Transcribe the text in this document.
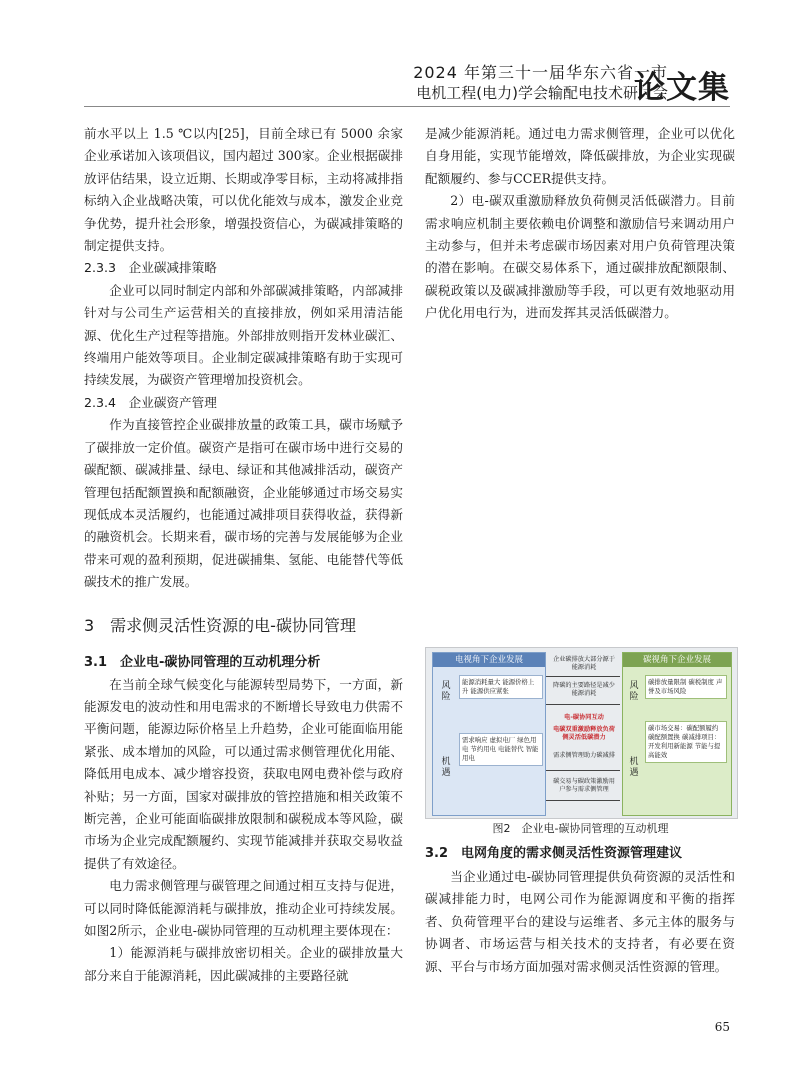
2024 年第三十一届华东六省一市
电机工程(电力)学会输配电技术研讨会
论文集

前水平以上 1.5 ℃以内[25]，目前全球已有 5000 余家企业承诺加入该项倡议，国内超过 300家。企业根据碳排放评估结果，设立近期、长期或净零目标，主动将减排指标纳入企业战略决策，可以优化能效与成本，激发企业竞争优势，提升社会形象，增强投资信心，为碳减排策略的制定提供支持。

2.3.3　企业碳减排策略

企业可以同时制定内部和外部碳减排策略，内部减排针对与公司生产运营相关的直接排放，例如采用清洁能源、优化生产过程等措施。外部排放则指开发林业碳汇、终端用户能效等项目。企业制定碳减排策略有助于实现可持续发展，为碳资产管理增加投资机会。

2.3.4　企业碳资产管理

作为直接管控企业碳排放量的政策工具，碳市场赋予了碳排放一定价值。碳资产是指可在碳市场中进行交易的碳配额、碳减排量、绿电、绿证和其他减排活动，碳资产管理包括配额置换和配额融资，企业能够通过市场交易实现低成本灵活履约，也能通过减排项目获得收益，获得新的融资机会。长期来看，碳市场的完善与发展能够为企业带来可观的盈利预期，促进碳捕集、氢能、电能替代等低碳技术的推广发展。

3　需求侧灵活性资源的电-碳协同管理

3.1　企业电-碳协同管理的互动机理分析

在当前全球气候变化与能源转型局势下，一方面，新能源发电的波动性和用电需求的不断增长导致电力供需不平衡问题，能源边际价格呈上升趋势，企业可能面临用能紧张、成本增加的风险，可以通过需求侧管理优化用能、降低用电成本、减少增容投资，获取电网电费补偿与政府补贴；另一方面，国家对碳排放的管控措施和相关政策不断完善，企业可能面临碳排放限制和碳税成本等风险，碳市场为企业完成配额履约、实现节能减排并获取交易收益提供了有效途径。

电力需求侧管理与碳管理之间通过相互支持与促进，可以同时降低能源消耗与碳排放，推动企业可持续发展。如图2所示，企业电-碳协同管理的互动机理主要体现在：

1）能源消耗与碳排放密切相关。企业的碳排放量大部分来自于能源消耗，因此碳减排的主要路径就

是减少能源消耗。通过电力需求侧管理，企业可以优化自身用能，实现节能增效，降低碳排放，为企业实现碳配额履约、参与CCER提供支持。

2）电-碳双重激励释放负荷侧灵活低碳潜力。目前需求响应机制主要依赖电价调整和激励信号来调动用户主动参与，但并未考虑碳市场因素对用户负荷管理决策的潜在影响。在碳交易体系下，通过碳排放配额限制、碳税政策以及碳减排激励等手段，可以更有效地驱动用户优化用电行为，进而发挥其灵活低碳潜力。

电视角下企业发展
风险
能源消耗量大 能源价格上升 能源供应紧张
机遇
需求响应 虚拟电厂 绿色用电 节约用电 电能替代 智能用电
企业碳排放大部分源于能源消耗
降碳的主要路径是减少能源消耗
电-碳协同互动
电碳双重激励释放负荷侧灵活低碳潜力
需求侧管理助力碳减排
碳交易与碳政策激励用户参与需求侧管理
碳视角下企业发展
风险
碳排放量限制 碳税制度 声誉及市场风险
机遇
碳市场交易：碳配额履约 碳配额置换 碳减排项目：开发利用新能源 节能与提高能效
图2　企业电-碳协同管理的互动机理

3.2　电网角度的需求侧灵活性资源管理建议

当企业通过电-碳协同管理提供负荷资源的灵活性和碳减排能力时，电网公司作为能源调度和平衡的指挥者、负荷管理平台的建设与运维者、多元主体的服务与协调者、市场运营与相关技术的支持者，有必要在资源、平台与市场方面加强对需求侧灵活性资源的管理。

65
